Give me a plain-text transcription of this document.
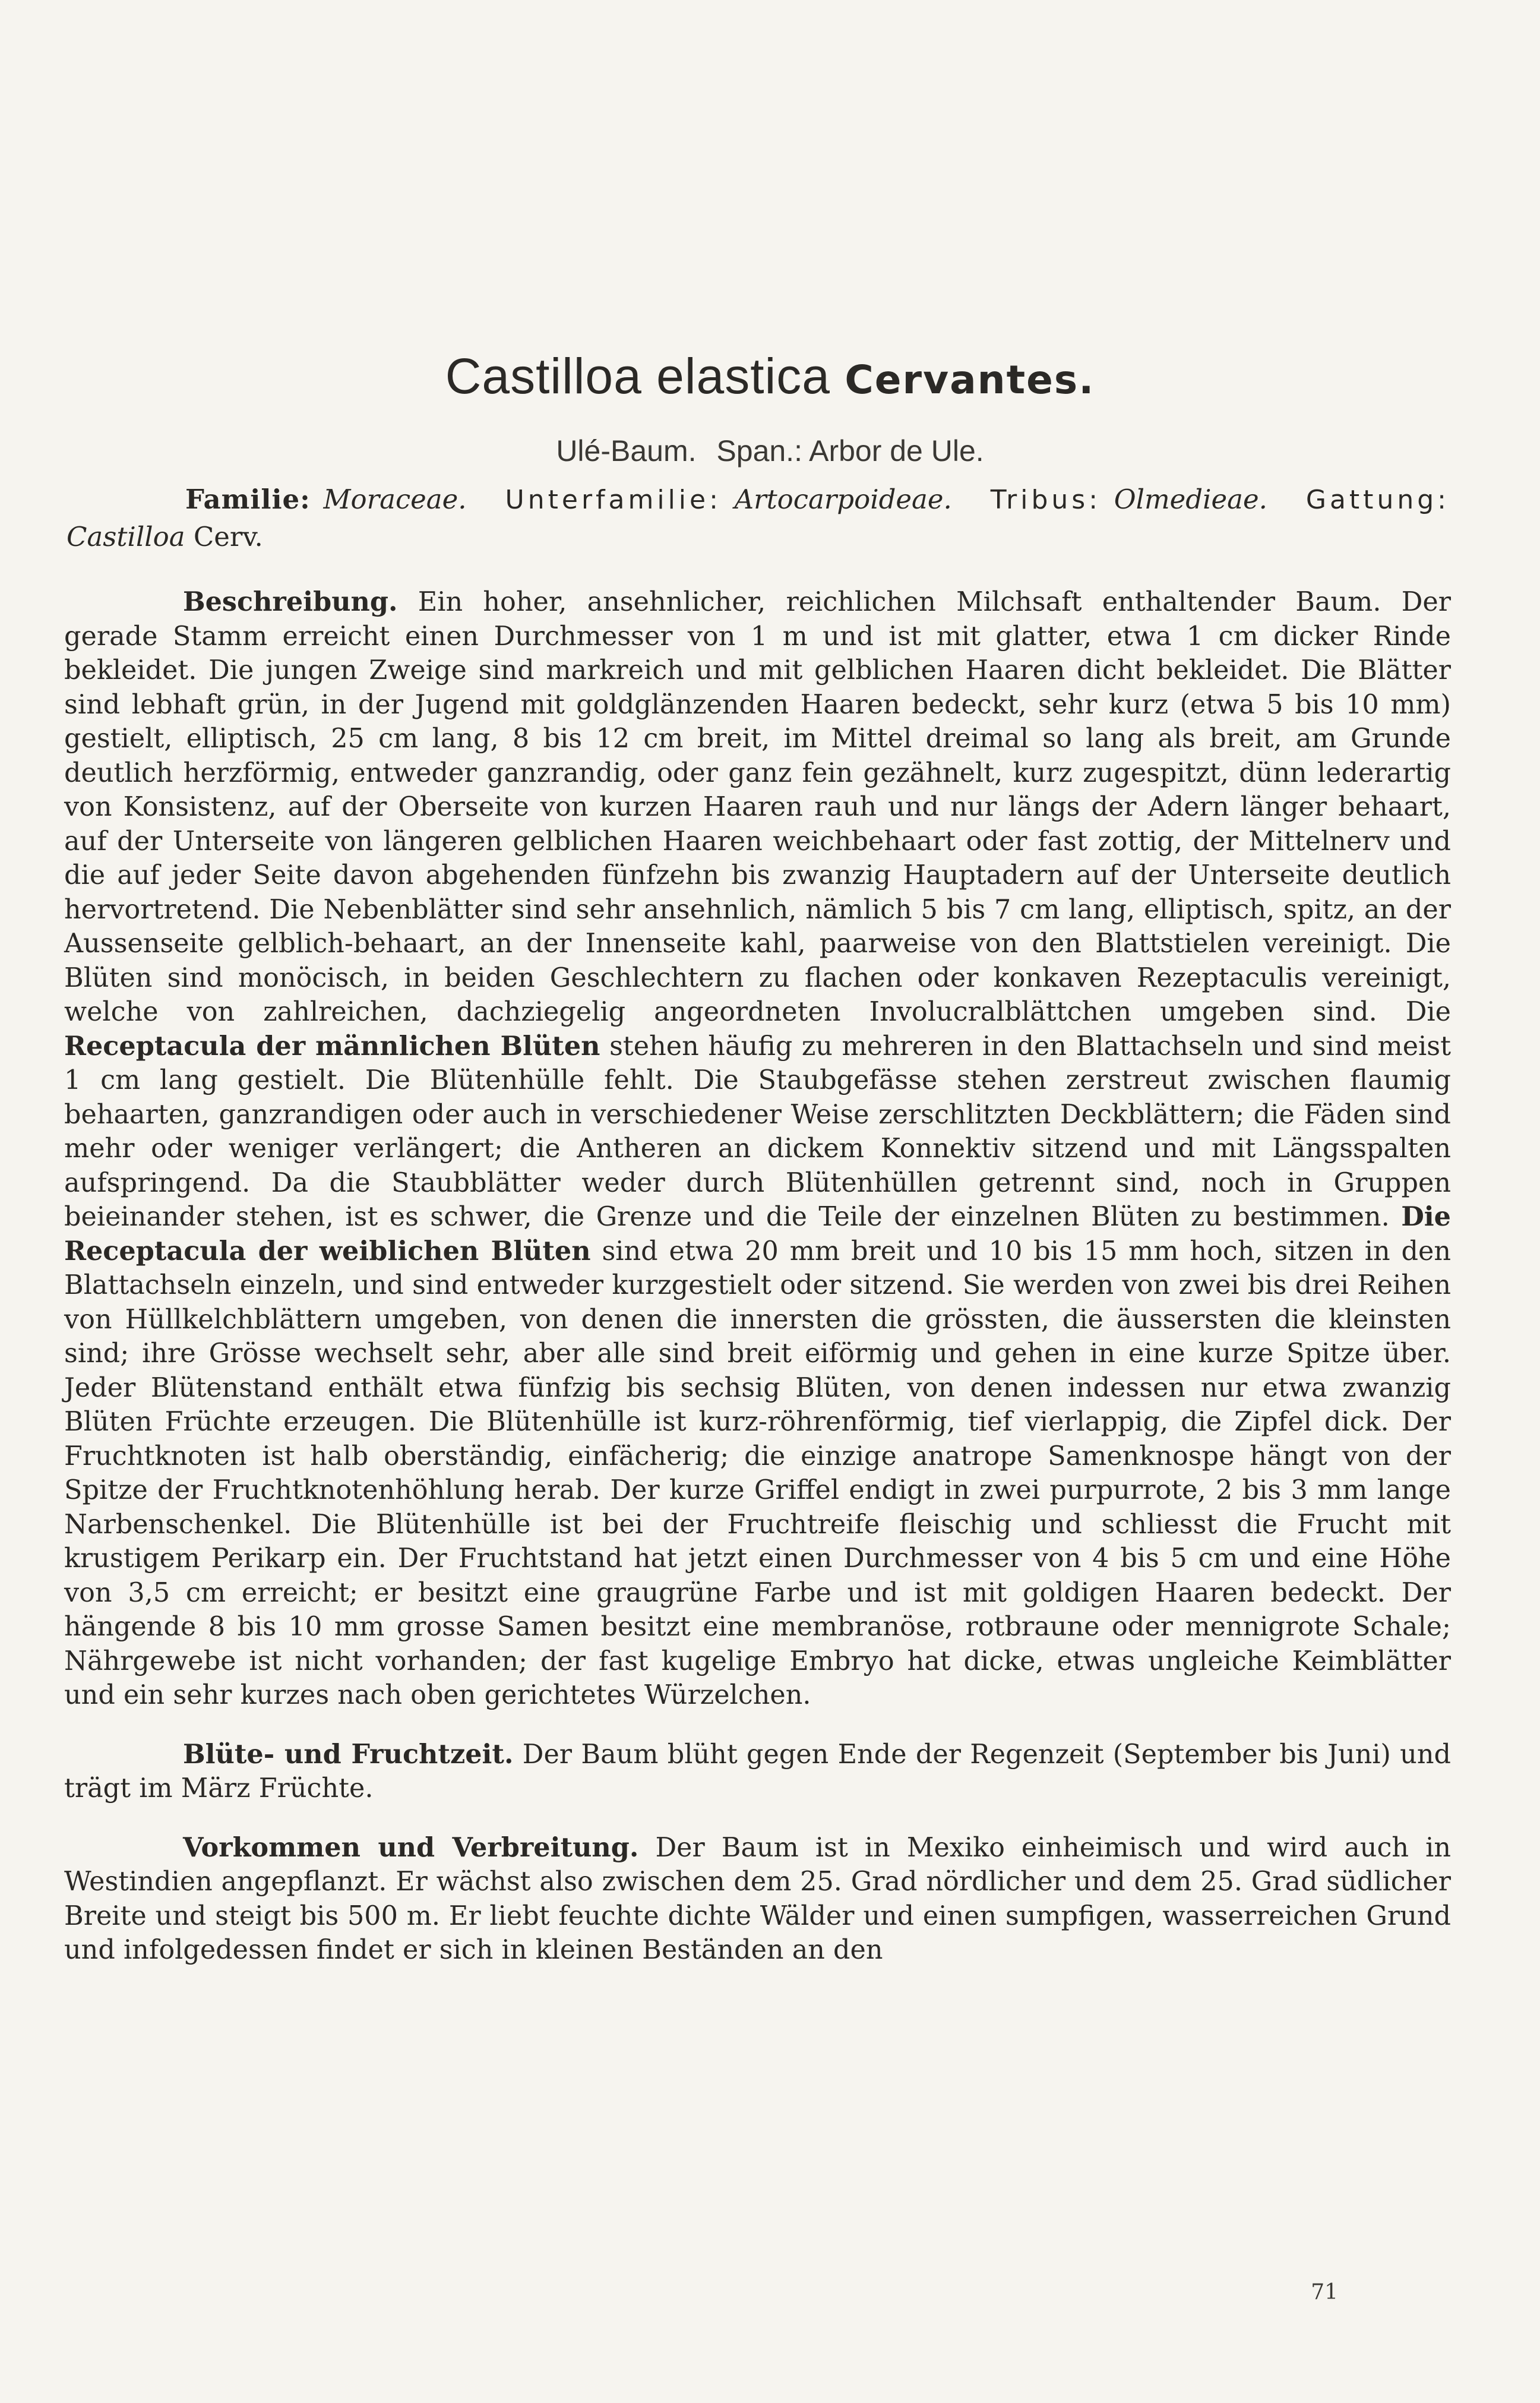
Castilloa elastica Cervantes.
Ulé-Baum. Span.: Arbor de Ule.
Familie: Moraceae. Unterfamilie: Artocarpoideae. Tribus: Olmedieae. Gattung: Castilloa Cerv.

Beschreibung. Ein hoher, ansehnlicher, reichlichen Milchsaft enthaltender Baum. Der gerade Stamm erreicht einen Durchmesser von 1 m und ist mit glatter, etwa 1 cm dicker Rinde bekleidet. Die jungen Zweige sind markreich und mit gelblichen Haaren dicht bekleidet. Die Blätter sind lebhaft grün, in der Jugend mit goldglänzenden Haaren bedeckt, sehr kurz (etwa 5 bis 10 mm) gestielt, elliptisch, 25 cm lang, 8 bis 12 cm breit, im Mittel dreimal so lang als breit, am Grunde deutlich herzförmig, entweder ganzrandig, oder ganz fein gezähnelt, kurz zugespitzt, dünn lederartig von Konsistenz, auf der Oberseite von kurzen Haaren rauh und nur längs der Adern länger behaart, auf der Unterseite von längeren gelblichen Haaren weichbehaart oder fast zottig, der Mittelnerv und die auf jeder Seite davon abgehenden fünfzehn bis zwanzig Hauptadern auf der Unterseite deutlich hervortretend. Die Nebenblätter sind sehr ansehnlich, nämlich 5 bis 7 cm lang, elliptisch, spitz, an der Aussenseite gelblich-behaart, an der Innenseite kahl, paarweise von den Blattstielen vereinigt. Die Blüten sind monöcisch, in beiden Geschlechtern zu flachen oder konkaven Rezeptaculis vereinigt, welche von zahlreichen, dachziegelig angeordneten Involucralblättchen umgeben sind. Die Receptacula der männlichen Blüten stehen häufig zu mehreren in den Blattachseln und sind meist 1 cm lang gestielt. Die Blütenhülle fehlt. Die Staubgefässe stehen zerstreut zwischen flaumig behaarten, ganzrandigen oder auch in verschiedener Weise zerschlitzten Deckblättern; die Fäden sind mehr oder weniger verlängert; die Antheren an dickem Konnektiv sitzend und mit Längsspalten aufspringend. Da die Staubblätter weder durch Blütenhüllen getrennt sind, noch in Gruppen beieinander stehen, ist es schwer, die Grenze und die Teile der einzelnen Blüten zu bestimmen. Die Receptacula der weiblichen Blüten sind etwa 20 mm breit und 10 bis 15 mm hoch, sitzen in den Blattachseln einzeln, und sind entweder kurzgestielt oder sitzend. Sie werden von zwei bis drei Reihen von Hüllkelchblättern umgeben, von denen die innersten die grössten, die äussersten die kleinsten sind; ihre Grösse wechselt sehr, aber alle sind breit eiförmig und gehen in eine kurze Spitze über. Jeder Blütenstand enthält etwa fünfzig bis sechsig Blüten, von denen indessen nur etwa zwanzig Blüten Früchte erzeugen. Die Blütenhülle ist kurz-röhrenförmig, tief vierlappig, die Zipfel dick. Der Fruchtknoten ist halb oberständig, einfächerig; die einzige anatrope Samenknospe hängt von der Spitze der Fruchtknotenhöhlung herab. Der kurze Griffel endigt in zwei purpurrote, 2 bis 3 mm lange Narbenschenkel. Die Blütenhülle ist bei der Fruchtreife fleischig und schliesst die Frucht mit krustigem Perikarp ein. Der Fruchtstand hat jetzt einen Durchmesser von 4 bis 5 cm und eine Höhe von 3,5 cm erreicht; er besitzt eine graugrüne Farbe und ist mit goldigen Haaren bedeckt. Der hängende 8 bis 10 mm grosse Samen besitzt eine membranöse, rotbraune oder mennigrote Schale; Nährgewebe ist nicht vorhanden; der fast kugelige Embryo hat dicke, etwas ungleiche Keimblätter und ein sehr kurzes nach oben gerichtetes Würzelchen.

Blüte- und Fruchtzeit. Der Baum blüht gegen Ende der Regenzeit (September bis Juni) und trägt im März Früchte.

Vorkommen und Verbreitung. Der Baum ist in Mexiko einheimisch und wird auch in Westindien angepflanzt. Er wächst also zwischen dem 25. Grad nördlicher und dem 25. Grad südlicher Breite und steigt bis 500 m. Er liebt feuchte dichte Wälder und einen sumpfigen, wasserreichen Grund und infolgedessen findet er sich in kleinen Beständen an den

71
